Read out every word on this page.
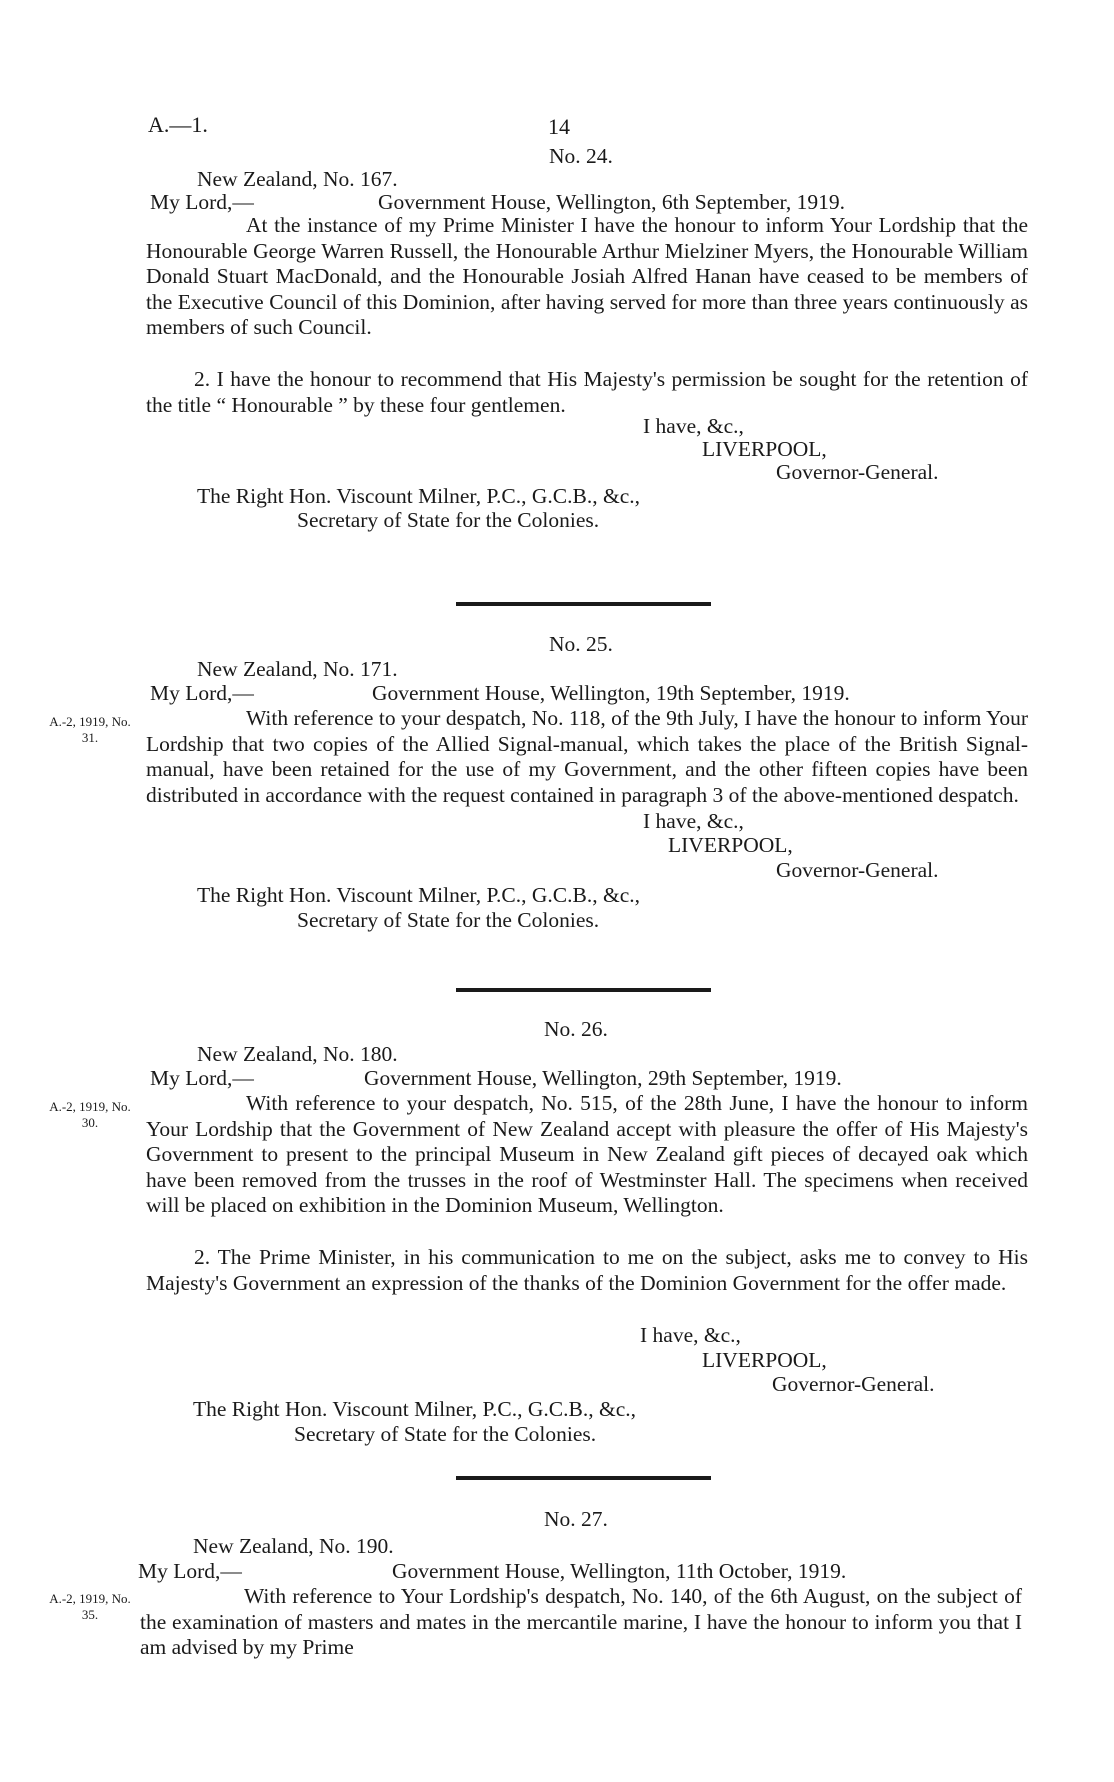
A.—1.	14
No. 24.
New Zealand, No. 167.
My Lord,—	Government House, Wellington, 6th September, 1919.
At the instance of my Prime Minister I have the honour to inform Your Lordship that the Honourable George Warren Russell, the Honourable Arthur Mielziner Myers, the Honourable William Donald Stuart MacDonald, and the Honourable Josiah Alfred Hanan have ceased to be members of the Executive Council of this Dominion, after having served for more than three years continuously as members of such Council.
2. I have the honour to recommend that His Majesty's permission be sought for the retention of the title “ Honourable ” by these four gentlemen.
I have, &c.,
LIVERPOOL,
Governor-General.
The Right Hon. Viscount Milner, P.C., G.C.B., &c.,
Secretary of State for the Colonies.
No. 25.
New Zealand, No. 171.
My Lord,—	Government House, Wellington, 19th September, 1919.
A.-2, 1919, No. 31.
With reference to your despatch, No. 118, of the 9th July, I have the honour to inform Your Lordship that two copies of the Allied Signal-manual, which takes the place of the British Signal-manual, have been retained for the use of my Government, and the other fifteen copies have been distributed in accordance with the request contained in paragraph 3 of the above-mentioned despatch.
I have, &c.,
LIVERPOOL,
Governor-General.
The Right Hon. Viscount Milner, P.C., G.C.B., &c.,
Secretary of State for the Colonies.
No. 26.
New Zealand, No. 180.
My Lord,—	Government House, Wellington, 29th September, 1919.
A.-2, 1919, No. 30.
With reference to your despatch, No. 515, of the 28th June, I have the honour to inform Your Lordship that the Government of New Zealand accept with pleasure the offer of His Majesty's Government to present to the principal Museum in New Zealand gift pieces of decayed oak which have been removed from the trusses in the roof of Westminster Hall. The specimens when received will be placed on exhibition in the Dominion Museum, Wellington.
2. The Prime Minister, in his communication to me on the subject, asks me to convey to His Majesty's Government an expression of the thanks of the Dominion Government for the offer made.
I have, &c.,
LIVERPOOL,
Governor-General.
The Right Hon. Viscount Milner, P.C., G.C.B., &c.,
Secretary of State for the Colonies.
No. 27.
New Zealand, No. 190.
My Lord,—	Government House, Wellington, 11th October, 1919.
A.-2, 1919, No. 35.
With reference to Your Lordship's despatch, No. 140, of the 6th August, on the subject of the examination of masters and mates in the mercantile marine, I have the honour to inform you that I am advised by my Prime
